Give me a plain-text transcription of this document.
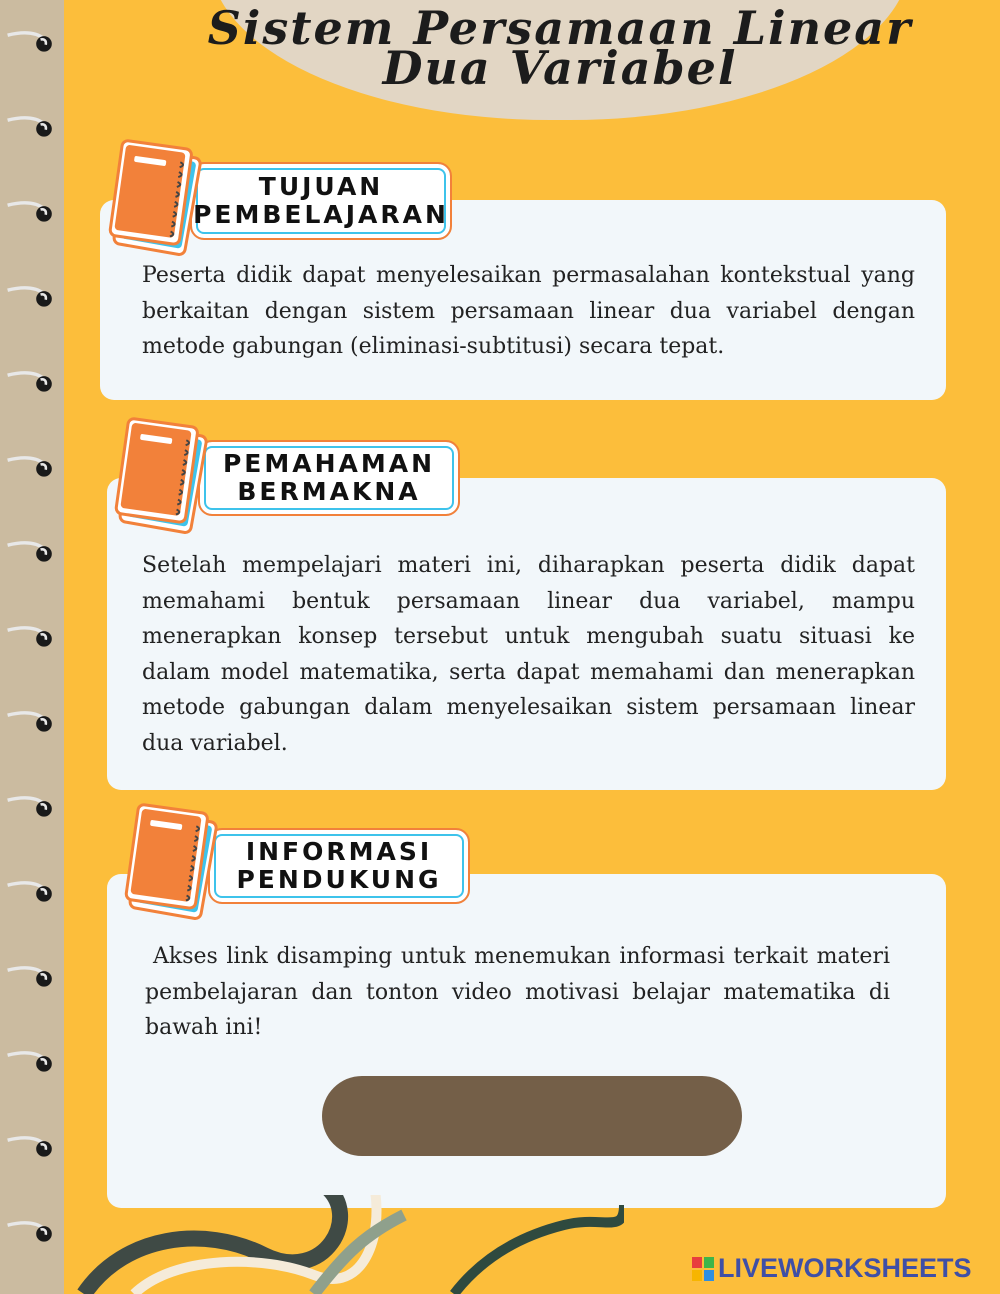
Sistem Persamaan Linear Dua Variabel
TUJUAN
PEMBELAJARAN
Peserta didik dapat menyelesaikan permasalahan kontekstual yang berkaitan dengan sistem persamaan linear dua variabel dengan metode gabungan (eliminasi-subtitusi) secara tepat.
PEMAHAMAN
BERMAKNA
Setelah mempelajari materi ini, diharapkan peserta didik dapat memahami bentuk persamaan linear dua variabel, mampu menerapkan konsep tersebut untuk mengubah suatu situasi ke dalam model matematika, serta dapat memahami dan menerapkan metode gabungan dalam menyelesaikan sistem persamaan linear dua variabel.
INFORMASI
PENDUKUNG
Akses link disamping untuk menemukan informasi terkait materi pembelajaran dan tonton video motivasi belajar matematika di bawah ini!
LIVEWORKSHEETS
